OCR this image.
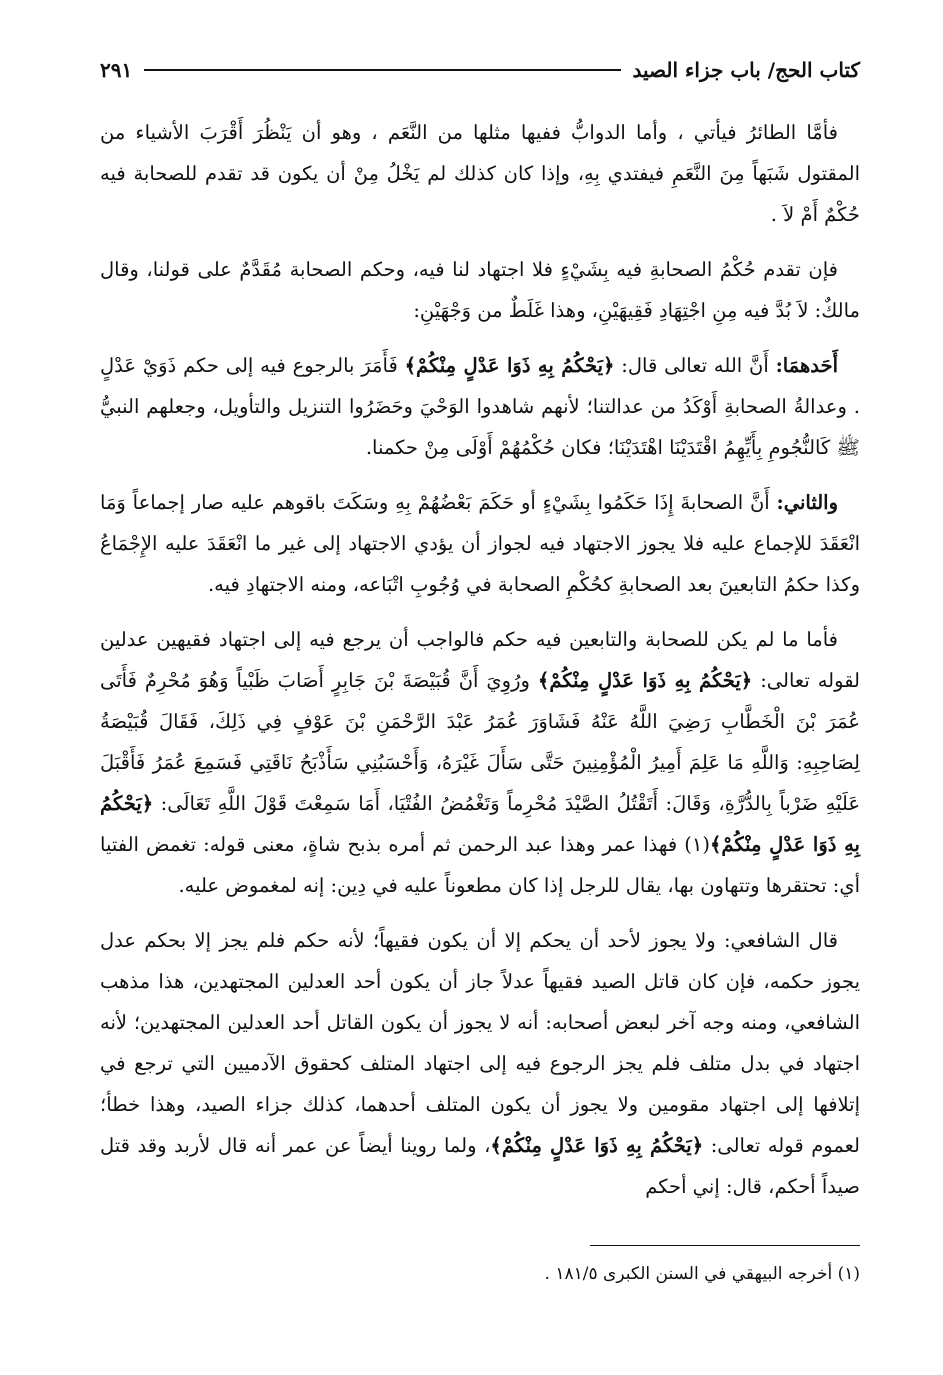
كتاب الحج/ باب جزاء الصيد
٢٩١

فأمَّا الطائرُ فيأتي ، وأما الدوابُّ ففيها مثلها من النَّعَم ، وهو أن يَنْظُرَ أَقْرَبَ الأشياء من المقتول شَبَهاً مِنَ النَّعَمِ فيفتدي بِهِ، وإذا كان كذلك لم يَخْلُ مِنْ أن يكون قد تقدم للصحابة فيه حُكْمٌ أَمْ لاَ .

فإن تقدم حُكْمُ الصحابةِ فيه بِشَيْءٍ فلا اجتهاد لنا فيه، وحكم الصحابة مُقَدَّمٌ على قولنا، وقال مالكٌ: لاَ بُدَّ فيه مِنِ اجْتِهَادِ فَقِيهَيْنِ، وهذا غَلَطٌ من وَجْهَيْنِ:

أَحَدهمَا: أَنَّ الله تعالى قال: ﴿يَحْكُمُ بِهِ ذَوَا عَدْلٍ مِنْكُمْ﴾ فَأَمَرَ بالرجوع فيه إلى حكم ذَوَيْ عَدْلٍ . وعدالةُ الصحابةِ أَوْكَدُ من عدالتنا؛ لأنهم شاهدوا الوَحْيَ وحَضَرُوا التنزيل والتأويل، وجعلهم النبيُّ ﷺ كَالنُّجُومِ بِأَيِّهِمُ اقْتَدَيْنَا اهْتَدَيْنَا؛ فكان حُكْمُهُمْ أَوْلَى مِنْ حكمنا.

والثاني: أَنَّ الصحابةَ إِذَا حَكَمُوا بِشَيْءٍ أو حَكَمَ بَعْضُهُمْ بِهِ وسَكَتَ باقوهم عليه صار إجماعاً وَمَا انْعَقَدَ للإجماع عليه فلا يجوز الاجتهاد فيه لجواز أن يؤدي الاجتهاد إلى غير ما انْعَقَدَ عليه الإِجْمَاعُ وكذا حكمُ التابعينَ بعد الصحابةِ كحُكْمِ الصحابة في وُجُوبِ اتْبَاعه، ومنه الاجتهادِ فيه.

فأما ما لم يكن للصحابة والتابعين فيه حكم فالواجب أن يرجع فيه إلى اجتهاد فقيهين عدلين لقوله تعالى: ﴿يَحْكُمُ بِهِ ذَوَا عَدْلٍ مِنْكُمْ﴾ ورُوِيَ أَنَّ قُبَيْصَةَ بْنَ جَابِرٍ أَصَابَ ظَبْياً وَهُوَ مُحْرِمٌ فَأَتَى عُمَرَ بْنَ الْخَطَّابِ رَضِيَ اللَّهُ عَنْهُ فَشَاوَرَ عُمَرُ عَبْدَ الرَّحْمَنِ بْنَ عَوْفٍ فِي ذَلِكَ، فَقَالَ قُبَيْصَةُ لِصَاحِبِهِ: وَاللَّهِ مَا عَلِمَ أَمِيرُ الْمُؤْمِنِينَ حَتَّى سَأَلَ غَيْرَهُ، وَأَحْسَبُنِي سَأَذْبَحُ نَاقَتِي فَسَمِعَ عُمَرُ فَأَقْبَلَ عَلَيْهِ ضَرْباً بِالدُّرَّةِ، وَقَالَ: أَتَقْتُلُ الصَّيْدَ مُحْرِماً وَتَغْمُضُ الفُتْيَا، أَمَا سَمِعْتَ قَوْلَ اللَّهِ تَعَالَى: ﴿يَحْكُمُ بِهِ ذَوَا عَدْلٍ مِنْكُمْ﴾(١) فهذا عمر وهذا عبد الرحمن ثم أمره بذبح شاةٍ، معنى قوله: تغمض الفتيا أي: تحتقرها وتتهاون بها، يقال للرجل إذا كان مطعوناً عليه في دِين: إنه لمغموض عليه.

قال الشافعي: ولا يجوز لأحد أن يحكم إلا أن يكون فقيهاً؛ لأنه حكم فلم يجز إلا بحكم عدل يجوز حكمه، فإن كان قاتل الصيد فقيهاً عدلاً جاز أن يكون أحد العدلين المجتهدين، هذا مذهب الشافعي، ومنه وجه آخر لبعض أصحابه: أنه لا يجوز أن يكون القاتل أحد العدلين المجتهدين؛ لأنه اجتهاد في بدل متلف فلم يجز الرجوع فيه إلى اجتهاد المتلف كحقوق الآدميين التي ترجع في إتلافها إلى اجتهاد مقومين ولا يجوز أن يكون المتلف أحدهما، كذلك جزاء الصيد، وهذا خطأ؛ لعموم قوله تعالى: ﴿يَحْكُمُ بِهِ ذَوَا عَدْلٍ مِنْكُمْ﴾، ولما روينا أيضاً عن عمر أنه قال لأربد وقد قتل صيداً أحكم، قال: إني أحكم

(١) أخرجه البيهقي في السنن الكبرى ١٨١/٥ .
